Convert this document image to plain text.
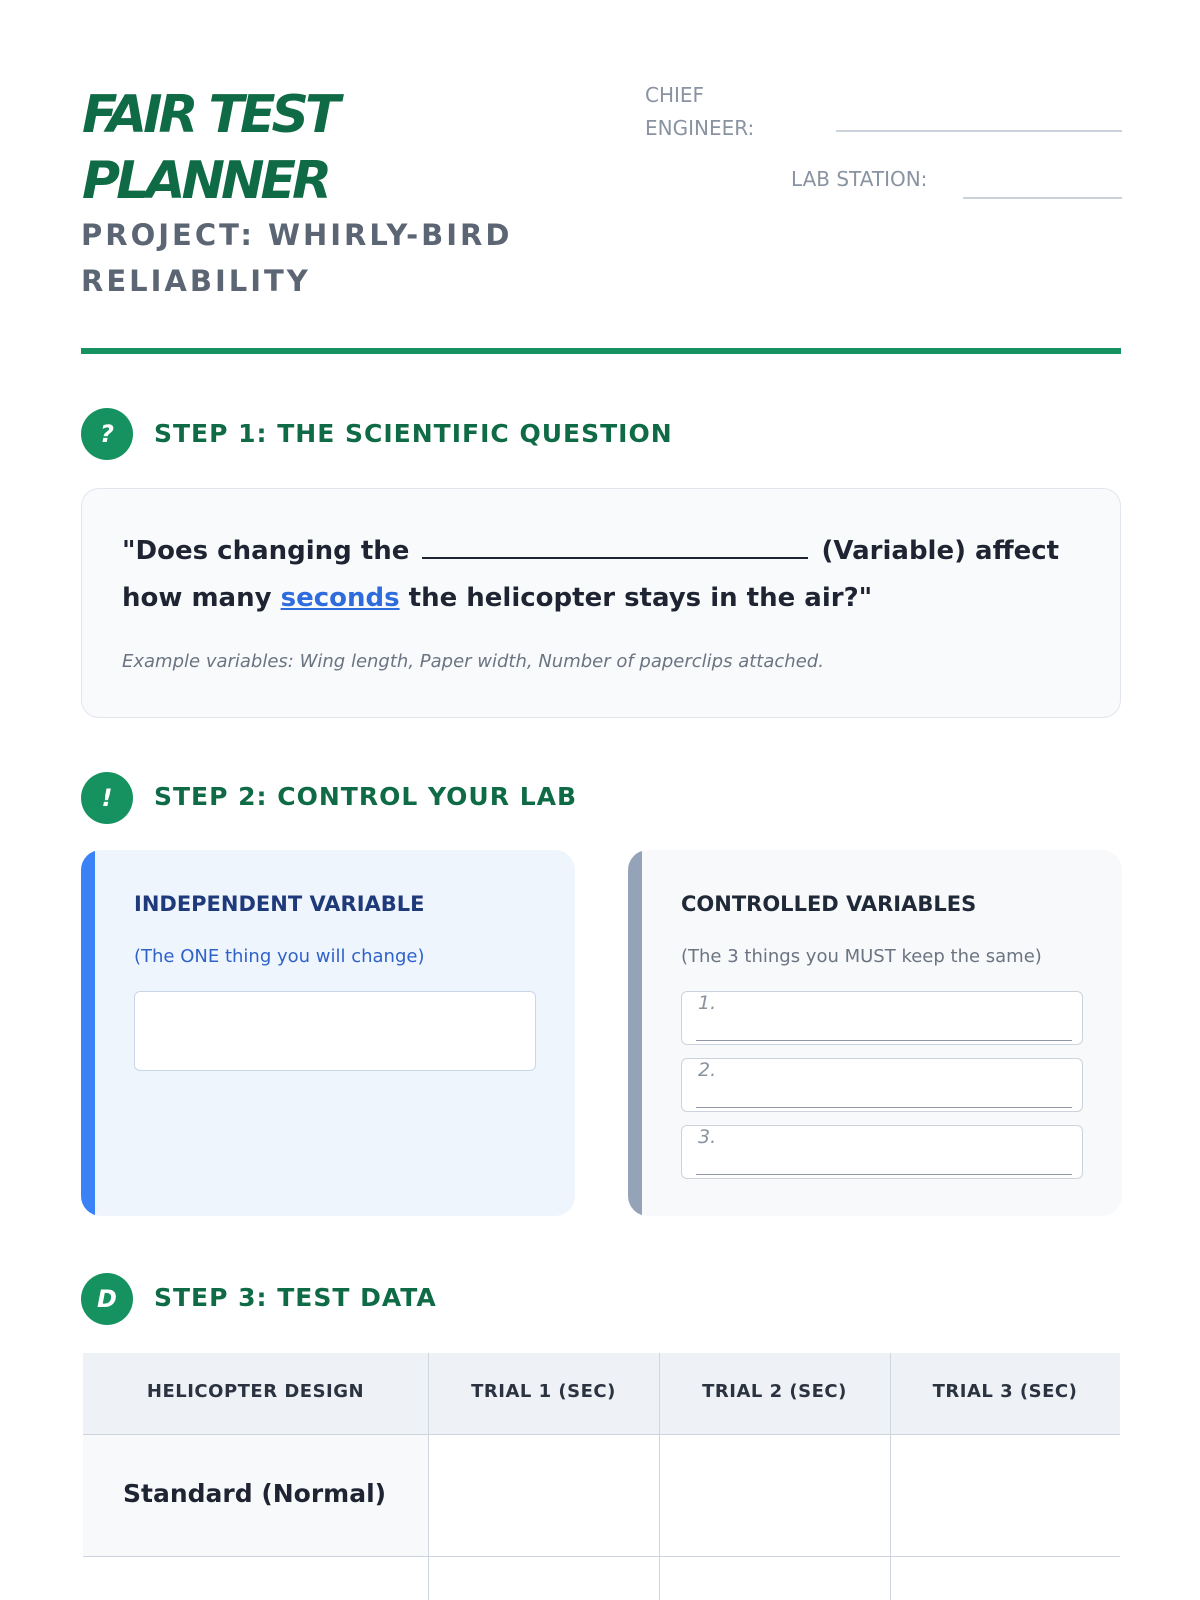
FAIR TEST
PLANNER
PROJECT: WHIRLY-BIRD RELIABILITY
CHIEF
ENGINEER:
LAB STATION:
?	STEP 1: THE SCIENTIFIC QUESTION
"Does changing the	(Variable) affect how many seconds the helicopter stays in the air?"
Example variables: Wing length, Paper width, Number of paperclips attached.
!	STEP 2: CONTROL YOUR LAB
INDEPENDENT VARIABLE
(The ONE thing you will change)
CONTROLLED VARIABLES
(The 3 things you MUST keep the same)
1.
2.
3.
D	STEP 3: TEST DATA
HELICOPTER DESIGN	TRIAL 1 (SEC)	TRIAL 2 (SEC)	TRIAL 3 (SEC)
Standard (Normal)
